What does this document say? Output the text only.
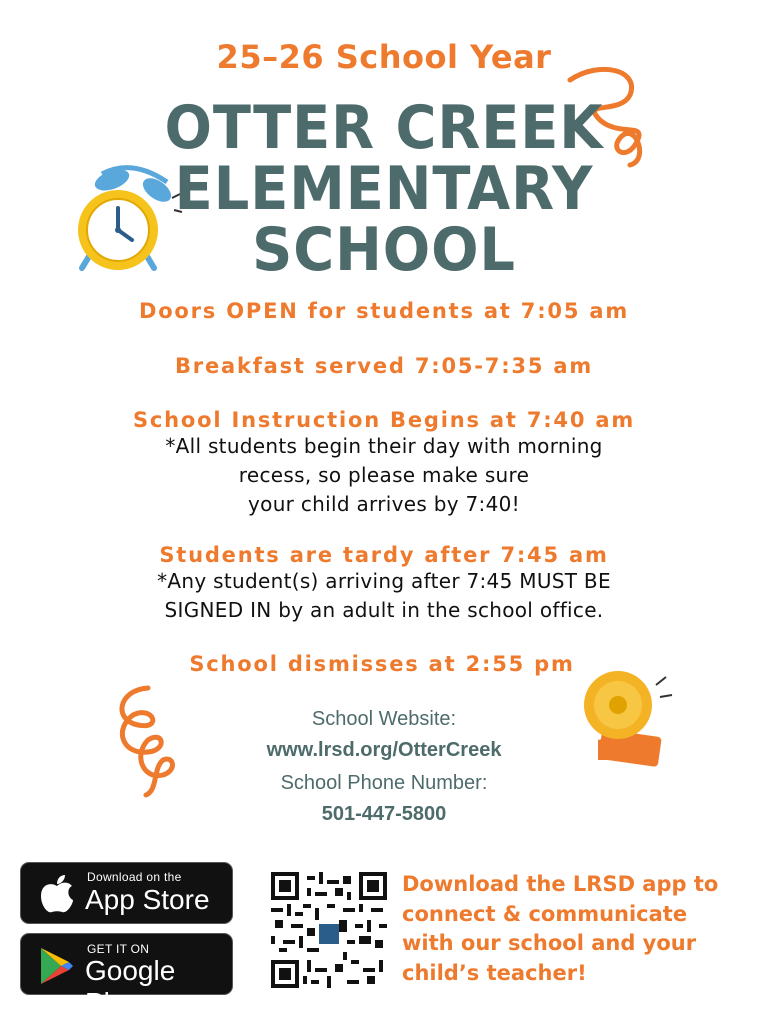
25–26 School Year
OTTER CREEK
ELEMENTARY
SCHOOL
Doors OPEN for students at 7:05 am
Breakfast served 7:05-7:35 am
School Instruction Begins at 7:40 am
*All students begin their day with morning
recess, so please make sure
your child arrives by 7:40!
Students are tardy after 7:45 am
*Any student(s) arriving after 7:45 MUST BE
SIGNED IN by an adult in the school office.
School dismisses at 2:55 pm
School Website:
www.lrsd.org/OtterCreek
School Phone Number:
501-447-5800
Download on the
App Store
GET IT ON
Google Play
Download the LRSD app to
connect & communicate
with our school and your
child’s teacher!
